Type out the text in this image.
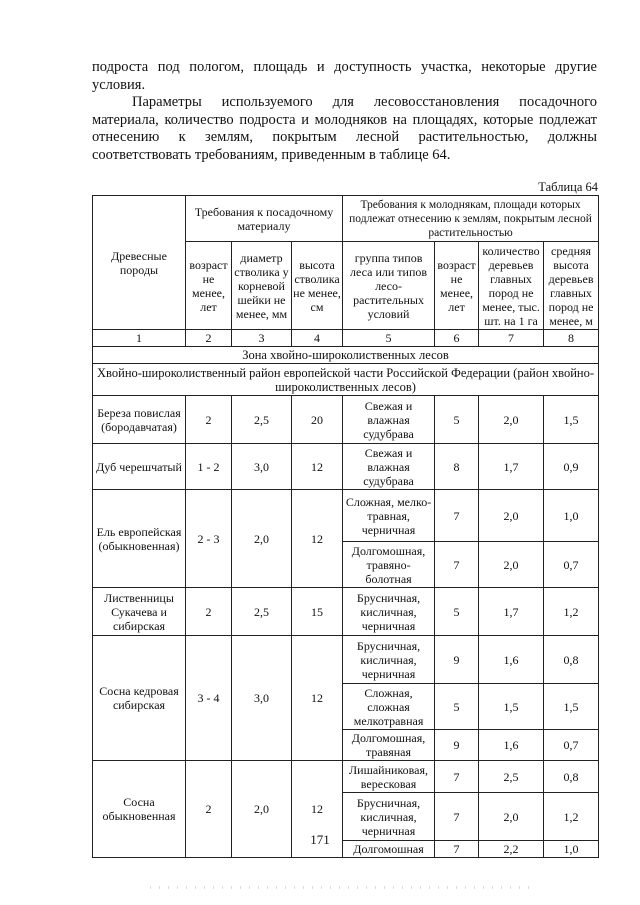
подроста под пологом, площадь и доступность участка, некоторые другие условия.

Параметры используемого для лесовосстановления посадочного материала, количество подроста и молодняков на площадях, которые подлежат отнесению к землям, покрытым лесной растительностью, должны соответствовать требованиям, приведенным в таблице 64.

Таблица 64
Древесные породы	Требования к посадочному материалу			Требования к молоднякам, площади которых подлежат отнесению к землям, покрытым лесной растительностью			
	возраст не менее, лет	диаметр стволика у корневой шейки не менее, мм	высота стволика не менее, см	группа типов леса или типов лесо-растительных условий	возраст не менее, лет	количество деревьев главных пород не менее, тыс. шт. на 1 га	средняя высота деревьев главных пород не менее, м
1	2	3	4	5	6	7	8
Зона хвойно-широколиственных лесов							
Хвойно-широколиственный район европейской части Российской Федерации (район хвойно-широколиственных лесов)							
Береза повислая (бородавчатая)	2	2,5	20	Свежая и влажная судубрава	5	2,0	1,5
Дуб черешчатый	1 - 2	3,0	12	Свежая и влажная судубрава	8	1,7	0,9
Ель европейская (обыкновенная)	2 - 3	2,0	12	Сложная, мелко-травная, черничная	7	2,0	1,0
				Долгомошная, травяно-болотная	7	2,0	0,7
Лиственницы Сукачева и сибирская	2	2,5	15	Брусничная, кисличная, черничная	5	1,7	1,2
Сосна кедровая сибирская	3 - 4	3,0	12	Брусничная, кисличная, черничная	9	1,6	0,8
				Сложная, сложная мелкотравная	5	1,5	1,5
				Долгомошная, травяная	9	1,6	0,7
Сосна обыкновенная	2	2,0	12	Лишайниковая, вересковая	7	2,5	0,8
				Брусничная, кисличная, черничная	7	2,0	1,2
				Долгомошная	7	2,2	1,0
171
